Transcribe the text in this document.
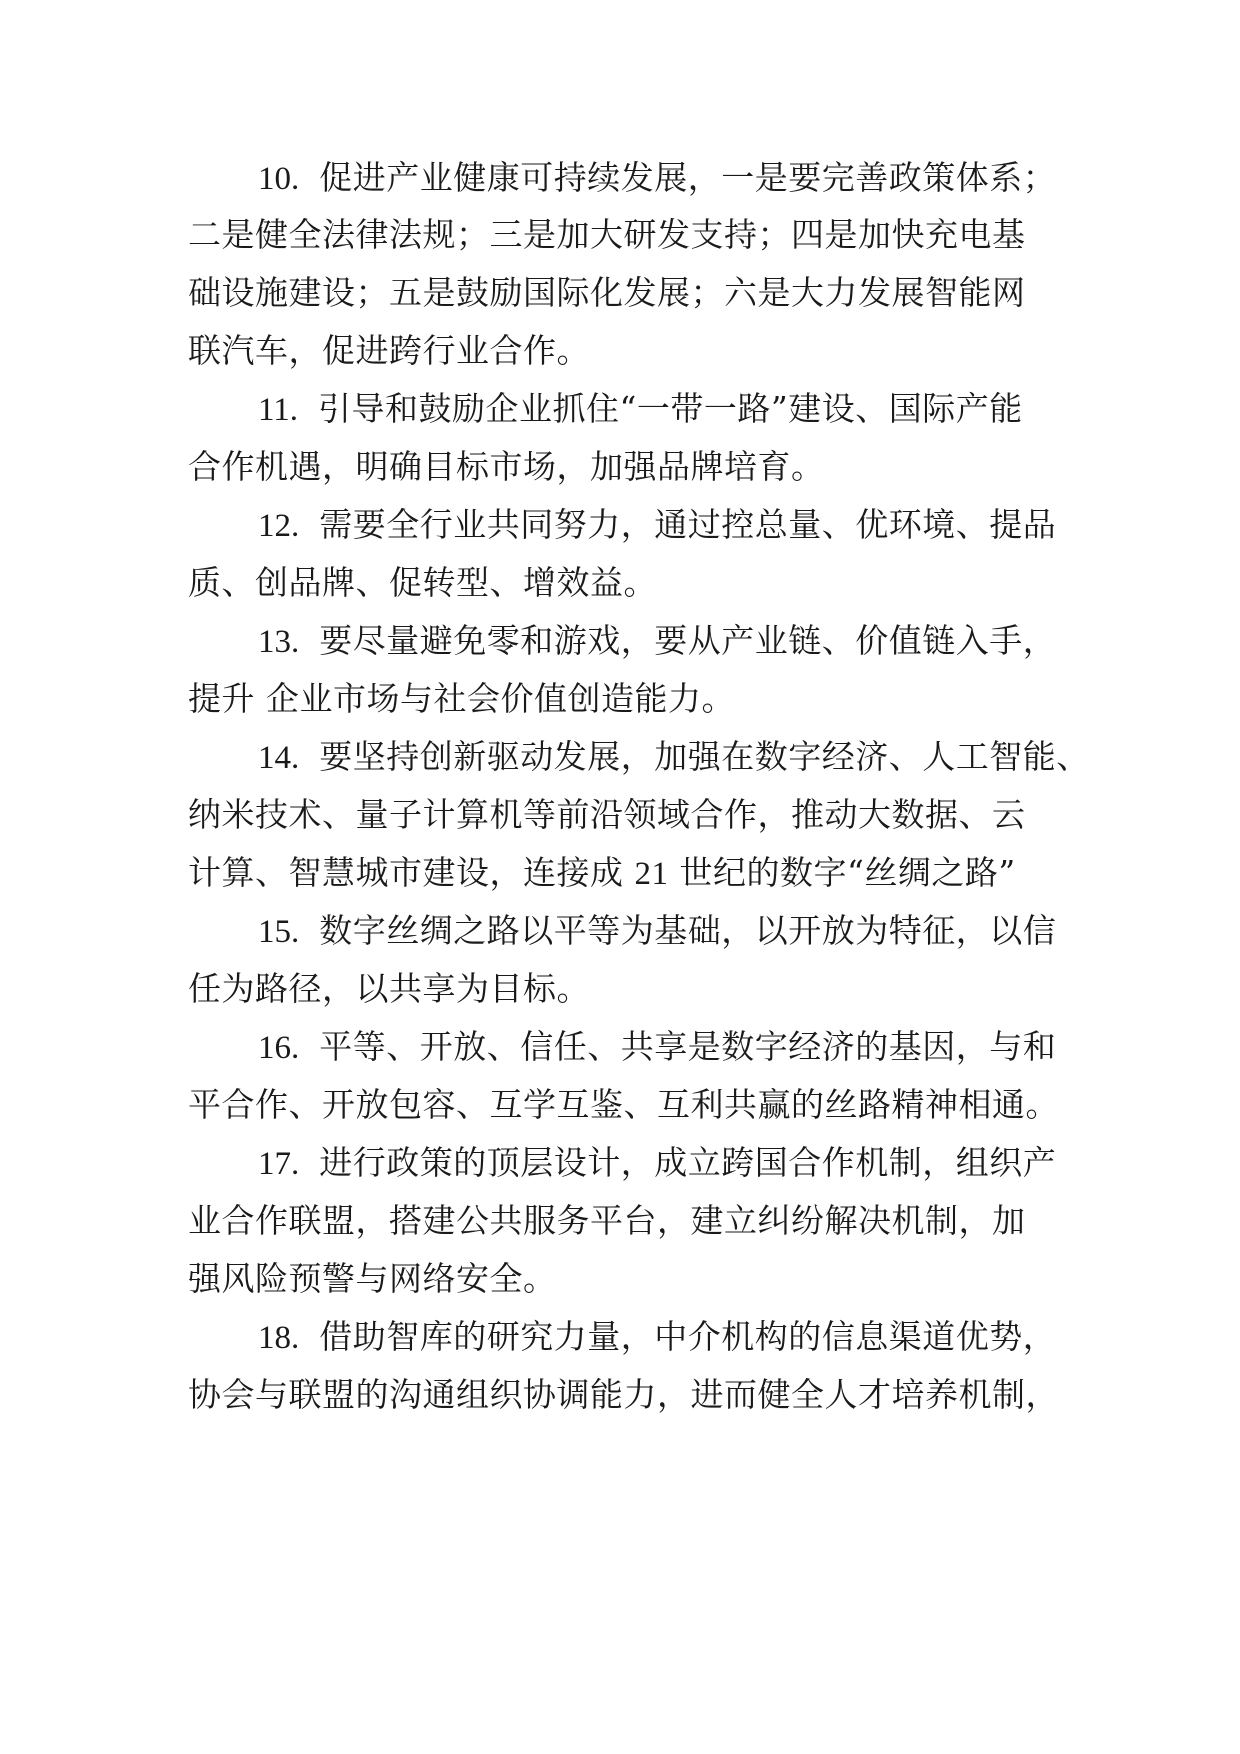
10. 促进产业健康可持续发展，一是要完善政策体系；
二是健全法律法规；三是加大研发支持；四是加快充电基
础设施建设；五是鼓励国际化发展；六是大力发展智能网
联汽车，促进跨行业合作。
11. 引导和鼓励企业抓住“一带一路”建设、国际产能
合作机遇，明确目标市场，加强品牌培育。
12. 需要全行业共同努力，通过控总量、优环境、提品
质、创品牌、促转型、增效益。
13. 要尽量避免零和游戏，要从产业链、价值链入手，
提升 企业市场与社会价值创造能力。
14. 要坚持创新驱动发展，加强在数字经济、人工智能、
纳米技术、量子计算机等前沿领域合作，推动大数据、云
计算、智慧城市建设，连接成 21 世纪的数字“丝绸之路”
15. 数字丝绸之路以平等为基础，以开放为特征，以信
任为路径，以共享为目标。
16. 平等、开放、信任、共享是数字经济的基因，与和
平合作、开放包容、互学互鉴、互利共赢的丝路精神相通。
17. 进行政策的顶层设计，成立跨国合作机制，组织产
业合作联盟，搭建公共服务平台，建立纠纷解决机制，加
强风险预警与网络安全。
18. 借助智库的研究力量，中介机构的信息渠道优势，
协会与联盟的沟通组织协调能力，进而健全人才培养机制，
